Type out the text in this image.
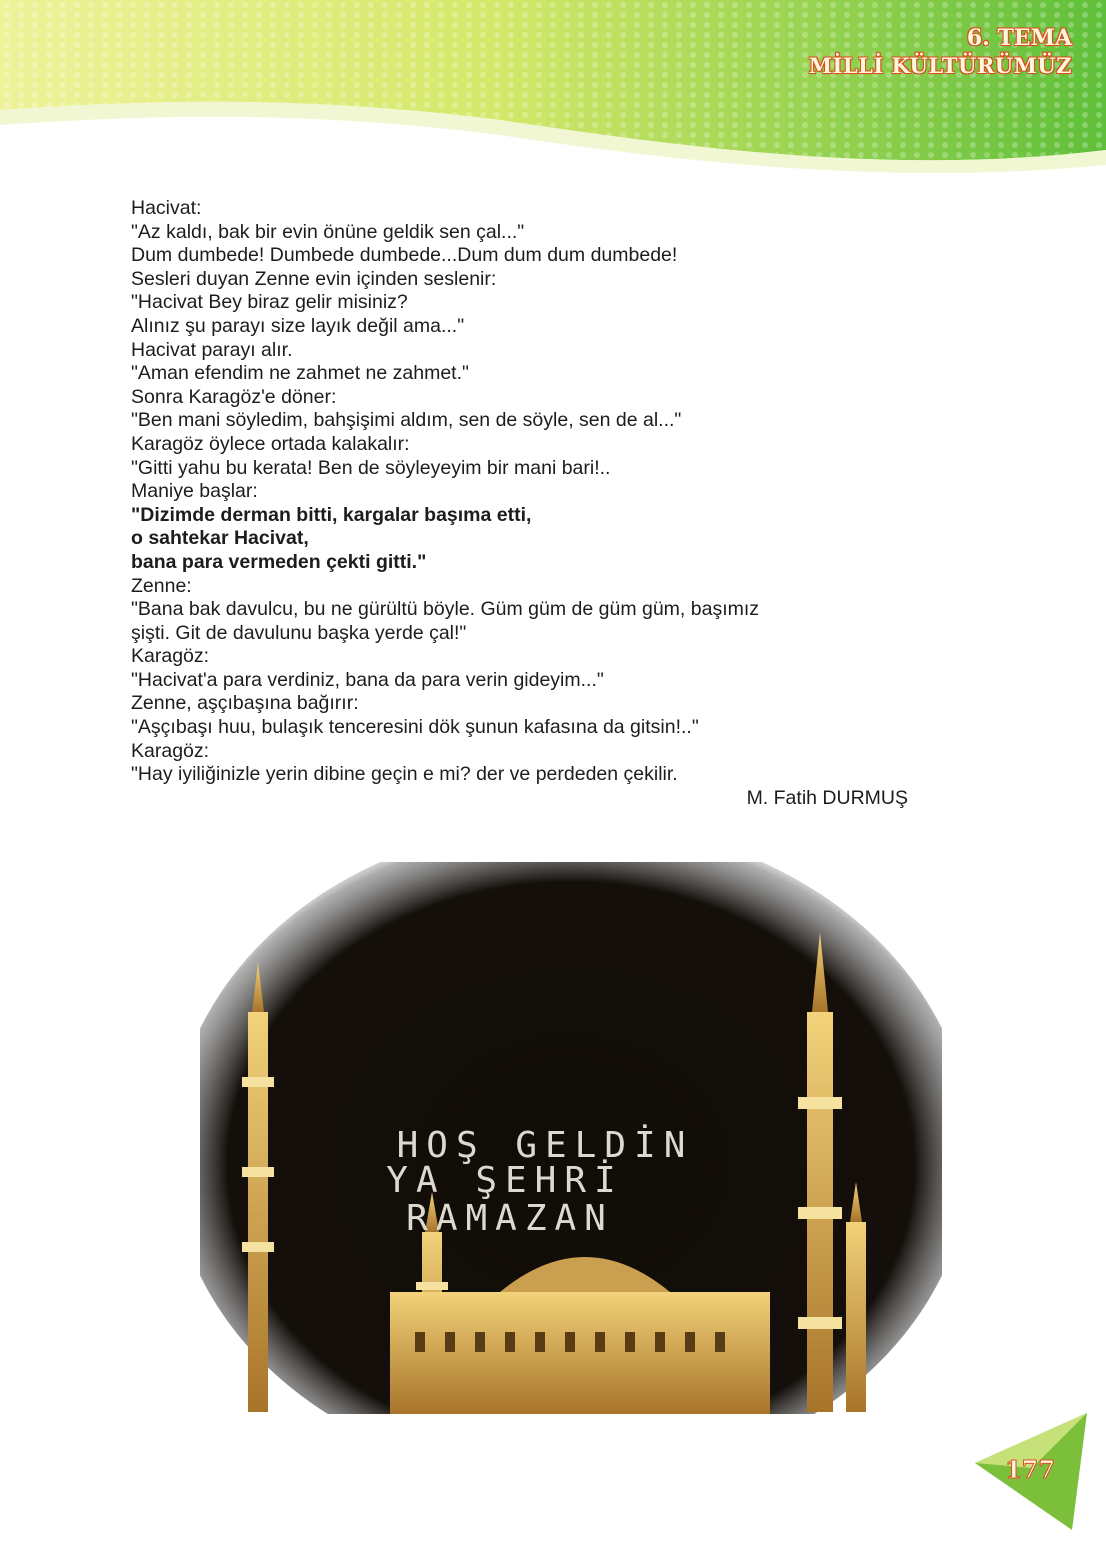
6. TEMA
MİLLİ KÜLTÜRÜMÜZ
Hacivat:
"Az kaldı, bak bir evin önüne geldik sen çal..."
Dum dumbede! Dumbede dumbede...Dum dum dum dumbede!
Sesleri duyan Zenne evin içinden seslenir:
"Hacivat Bey biraz gelir misiniz?
Alınız şu parayı size layık değil ama..."
Hacivat parayı alır.
"Aman efendim ne zahmet ne zahmet."
Sonra Karagöz'e döner:
"Ben mani söyledim, bahşişimi aldım, sen de söyle, sen de al..."
Karagöz öylece ortada kalakalır:
"Gitti yahu bu kerata! Ben de söyleyeyim bir mani bari!..
Maniye başlar:
"Dizimde derman bitti, kargalar başıma etti,
o sahtekar Hacivat,
bana para vermeden çekti gitti."
Zenne:
"Bana bak davulcu, bu ne gürültü böyle. Güm güm de güm güm, başımız
şişti. Git de davulunu başka yerde çal!"
Karagöz:
"Hacivat'a para verdiniz, bana da para verin gideyim..."
Zenne, aşçıbaşına bağırır:
"Aşçıbaşı huu, bulaşık tenceresini dök şunun kafasına da gitsin!.."
Karagöz:
"Hay iyiliğinizle yerin dibine geçin e mi? der ve perdeden çekilir.
M. Fatih DURMUŞ
HOŞ GELDİN
YA ŞEHRİ
RAMAZAN
177
